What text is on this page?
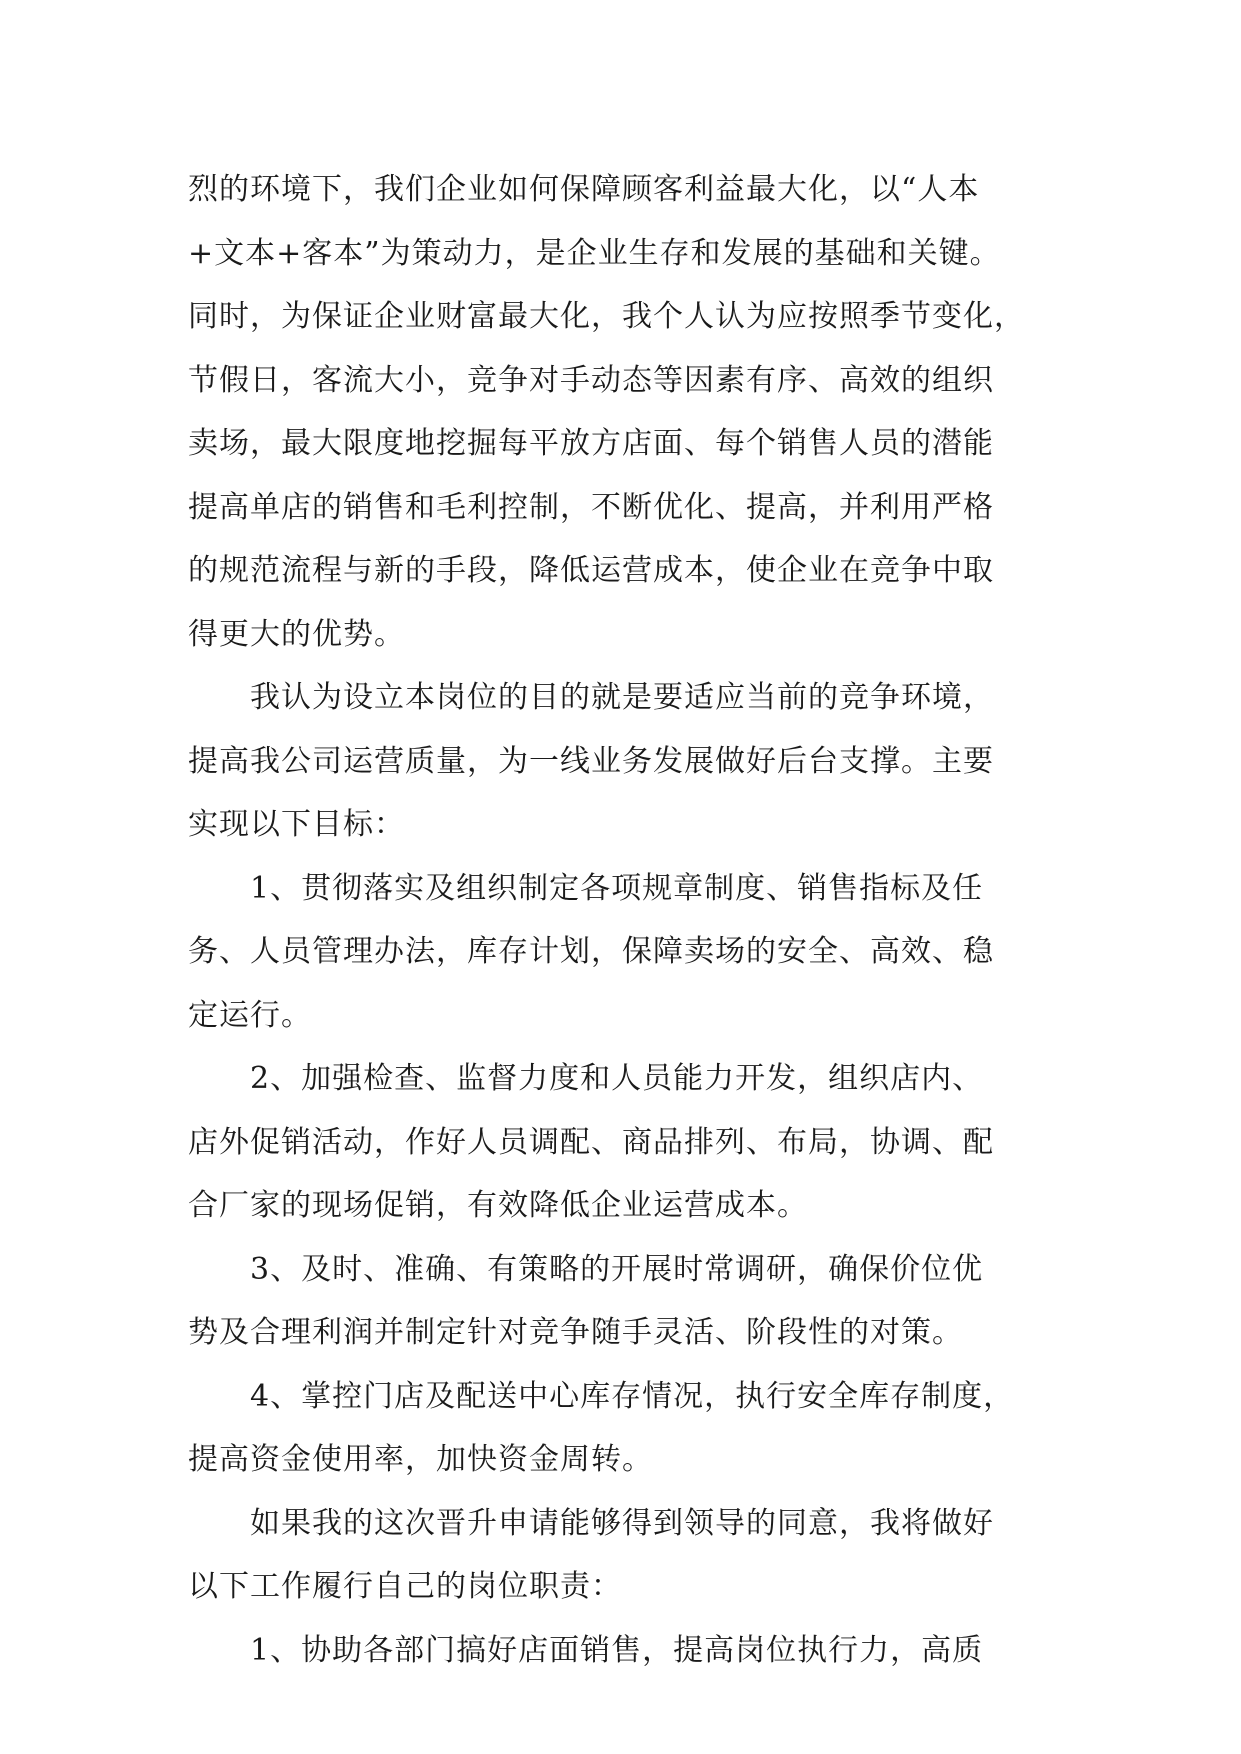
烈的环境下，我们企业如何保障顾客利益最大化，以“人本
+文本+客本”为策动力，是企业生存和发展的基础和关键。
同时，为保证企业财富最大化，我个人认为应按照季节变化，
节假日，客流大小，竞争对手动态等因素有序、高效的组织
卖场，最大限度地挖掘每平放方店面、每个销售人员的潜能
提高单店的销售和毛利控制，不断优化、提高，并利用严格
的规范流程与新的手段，降低运营成本，使企业在竞争中取
得更大的优势。
我认为设立本岗位的目的就是要适应当前的竞争环境，
提高我公司运营质量，为一线业务发展做好后台支撑。主要
实现以下目标：
1、贯彻落实及组织制定各项规章制度、销售指标及任
务、人员管理办法，库存计划，保障卖场的安全、高效、稳
定运行。
2、加强检查、监督力度和人员能力开发，组织店内、
店外促销活动，作好人员调配、商品排列、布局，协调、配
合厂家的现场促销，有效降低企业运营成本。
3、及时、准确、有策略的开展时常调研，确保价位优
势及合理利润并制定针对竞争随手灵活、阶段性的对策。
4、掌控门店及配送中心库存情况，执行安全库存制度，
提高资金使用率，加快资金周转。
如果我的这次晋升申请能够得到领导的同意，我将做好
以下工作履行自己的岗位职责：
1、协助各部门搞好店面销售，提高岗位执行力，高质
